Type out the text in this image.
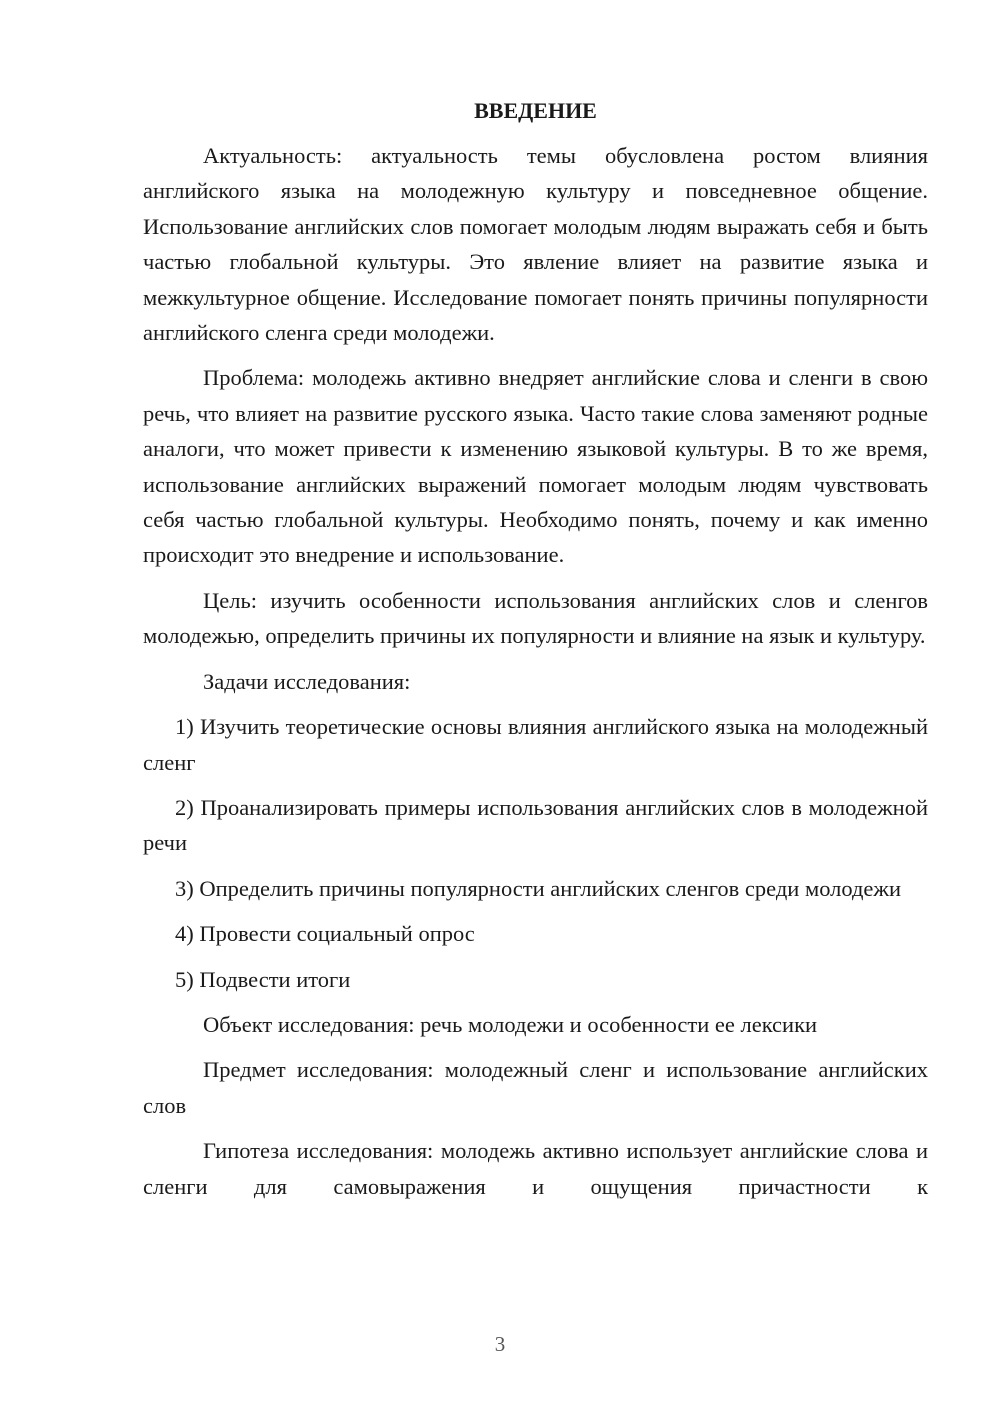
ВВЕДЕНИЕ

Актуальность: актуальность темы обусловлена ростом влияния английского языка на молодежную культуру и повседневное общение. Использование английских слов помогает молодым людям выражать себя и быть частью глобальной культуры. Это явление влияет на развитие языка и межкультурное общение. Исследование помогает понять причины популярности английского сленга среди молодежи.

Проблема: молодежь активно внедряет английские слова и сленги в свою речь, что влияет на развитие русского языка. Часто такие слова заменяют родные аналоги, что может привести к изменению языковой культуры. В то же время, использование английских выражений помогает молодым людям чувствовать себя частью глобальной культуры. Необходимо понять, почему и как именно происходит это внедрение и использование.

Цель: изучить особенности использования английских слов и сленгов молодежью, определить причины их популярности и влияние на язык и культуру.

Задачи исследования:

1) Изучить теоретические основы влияния английского языка на молодежный сленг

2) Проанализировать примеры использования английских слов в молодежной речи

3) Определить причины популярности английских сленгов среди молодежи

4) Провести социальный опрос

5) Подвести итоги

Объект исследования: речь молодежи и особенности ее лексики

Предмет исследования: молодежный сленг и использование английских слов

Гипотеза исследования: молодежь активно использует английские слова и сленги для самовыражения и ощущения причастности к

3
